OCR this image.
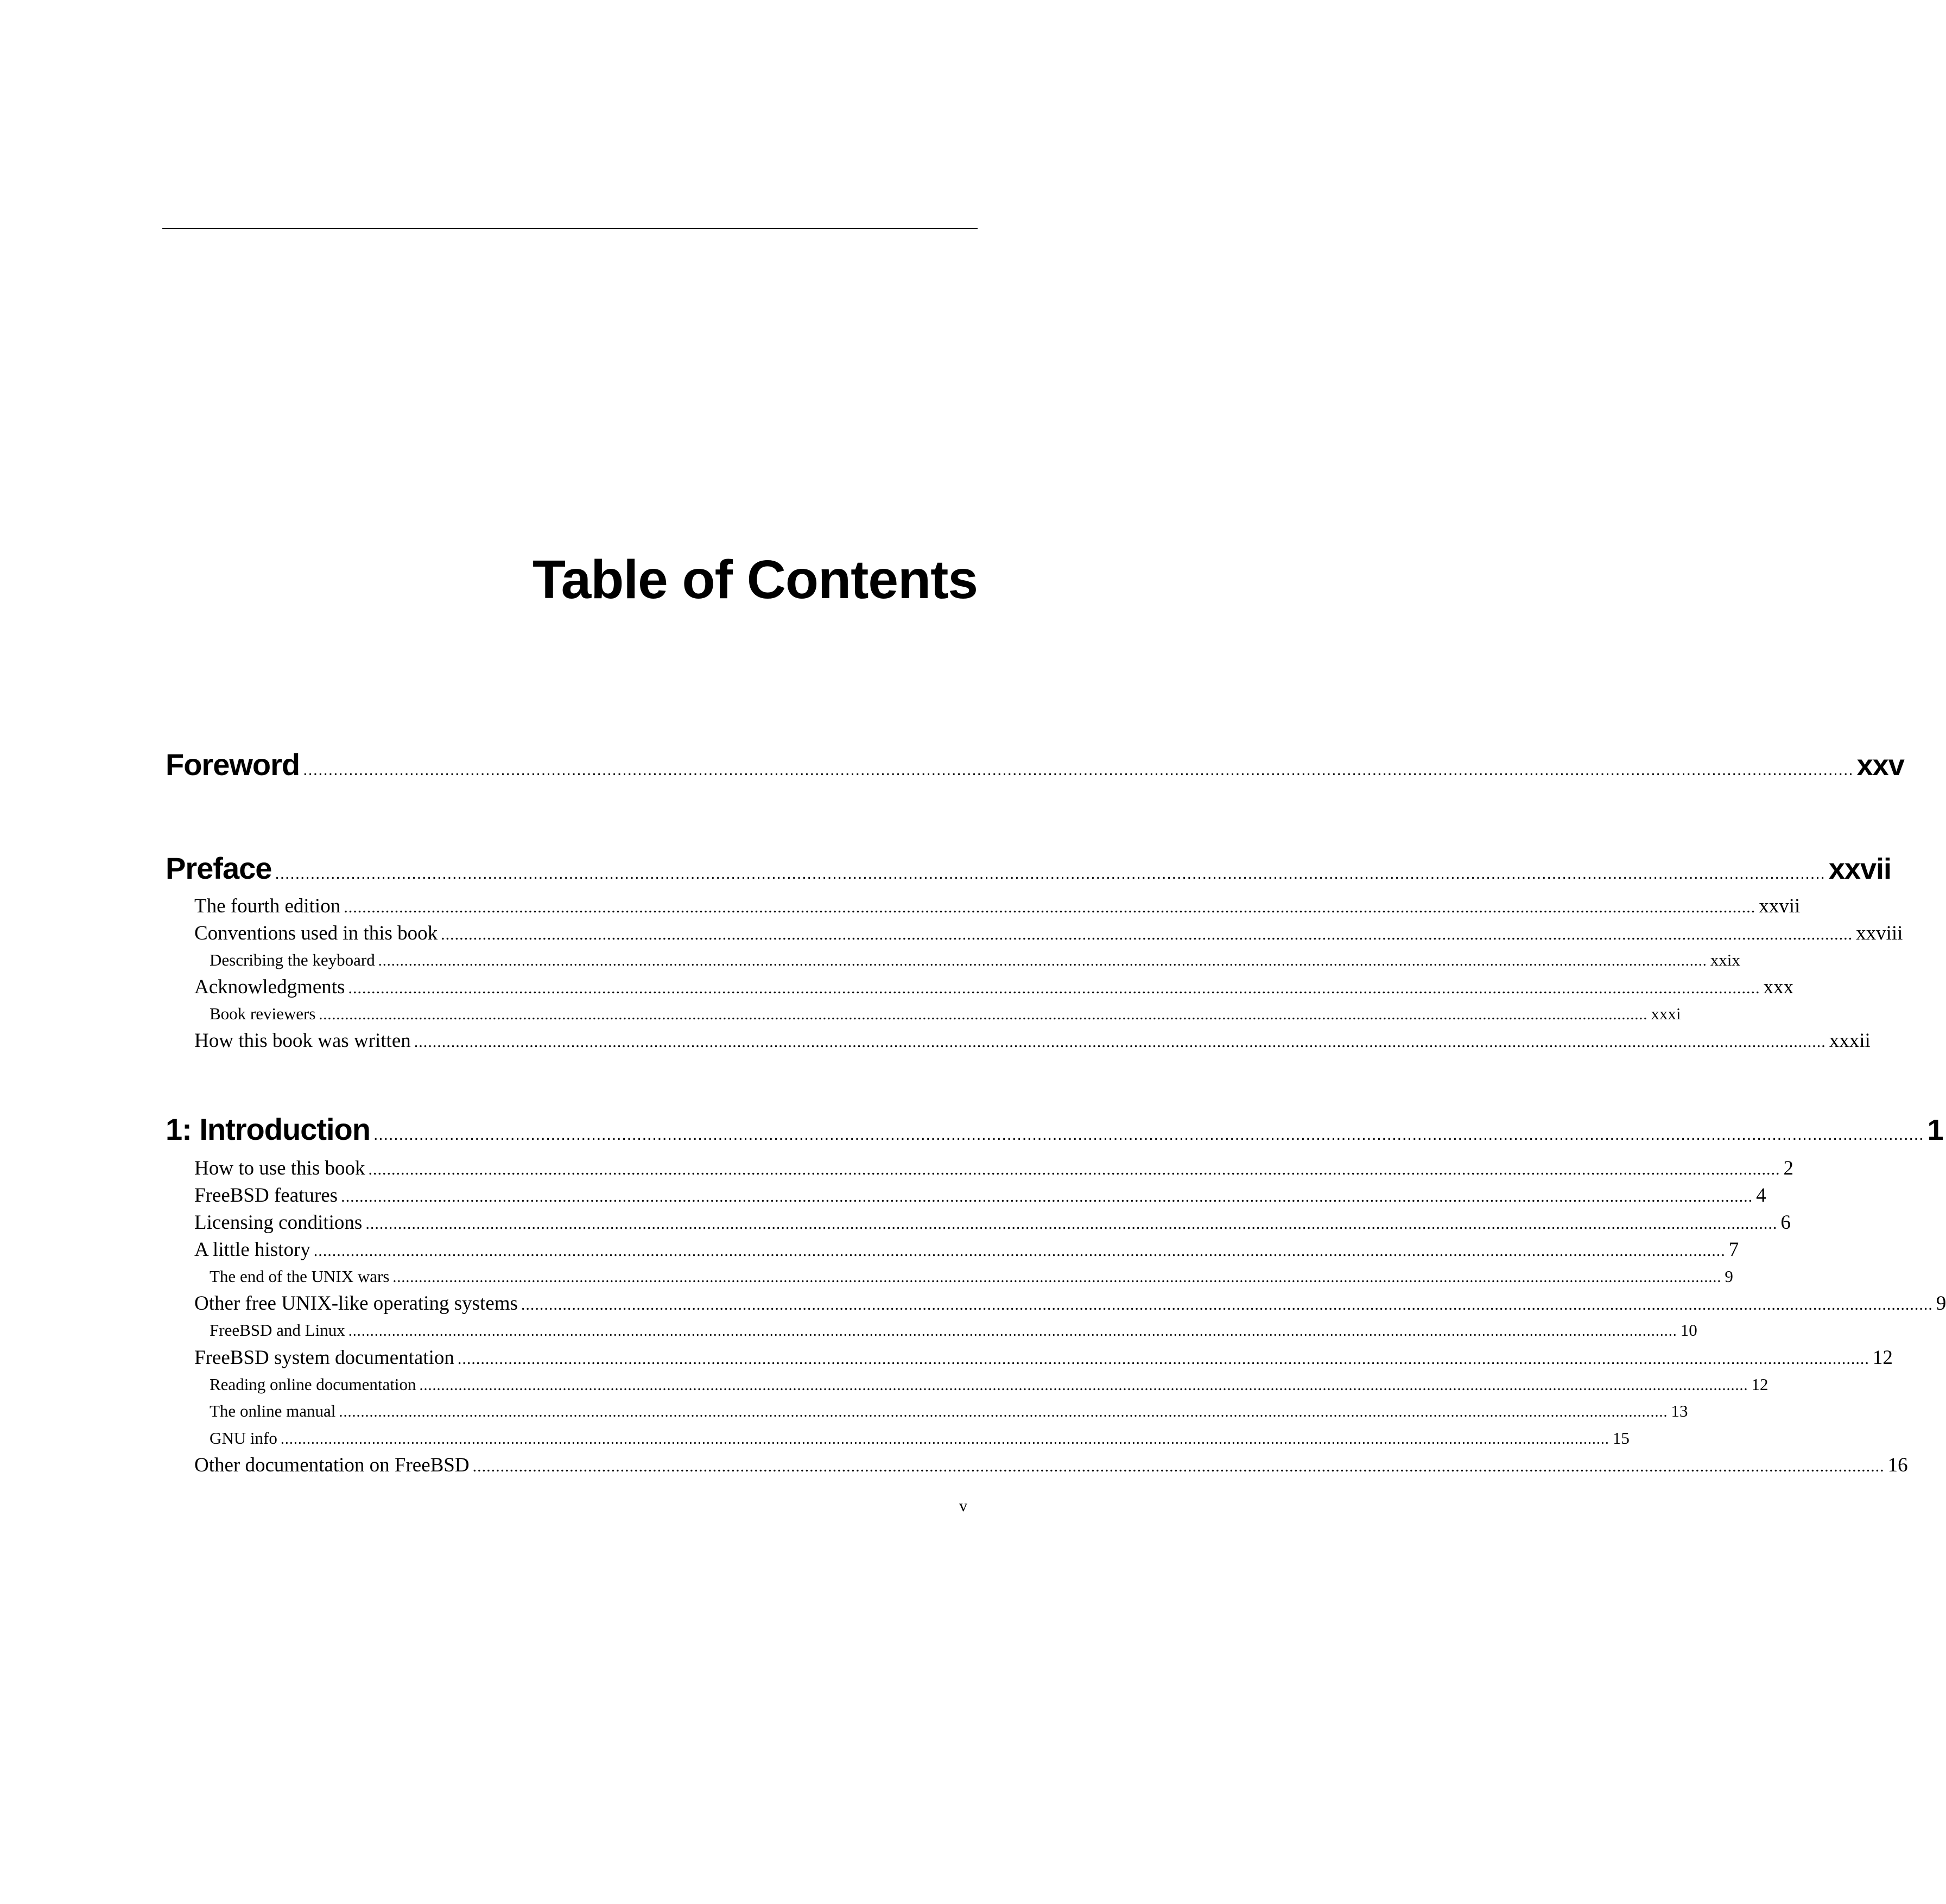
Table of Contents
Foreword .................................................................................................................................................................................................................................................................................................................. xxv
Preface .................................................................................................................................................................................................................................................................................................................. xxvii
The fourth edition .................................................................................................................................................................................................................................................................................................................. xxvii
Conventions used in this book .................................................................................................................................................................................................................................................................................................................. xxviii
Describing the keyboard .................................................................................................................................................................................................................................................................................................................. xxix
Acknowledgments .................................................................................................................................................................................................................................................................................................................. xxx
Book reviewers .................................................................................................................................................................................................................................................................................................................. xxxi
How this book was written .................................................................................................................................................................................................................................................................................................................. xxxii
1: Introduction .................................................................................................................................................................................................................................................................................................................. 1
How to use this book .................................................................................................................................................................................................................................................................................................................. 2
FreeBSD features .................................................................................................................................................................................................................................................................................................................. 4
Licensing conditions .................................................................................................................................................................................................................................................................................................................. 6
A little history .................................................................................................................................................................................................................................................................................................................. 7
The end of the UNIX wars .................................................................................................................................................................................................................................................................................................................. 9
Other free UNIX-like operating systems .................................................................................................................................................................................................................................................................................................................. 9
FreeBSD and Linux .................................................................................................................................................................................................................................................................................................................. 10
FreeBSD system documentation .................................................................................................................................................................................................................................................................................................................. 12
Reading online documentation .................................................................................................................................................................................................................................................................................................................. 12
The online manual .................................................................................................................................................................................................................................................................................................................. 13
GNU info .................................................................................................................................................................................................................................................................................................................. 15
Other documentation on FreeBSD .................................................................................................................................................................................................................................................................................................................. 16
v
